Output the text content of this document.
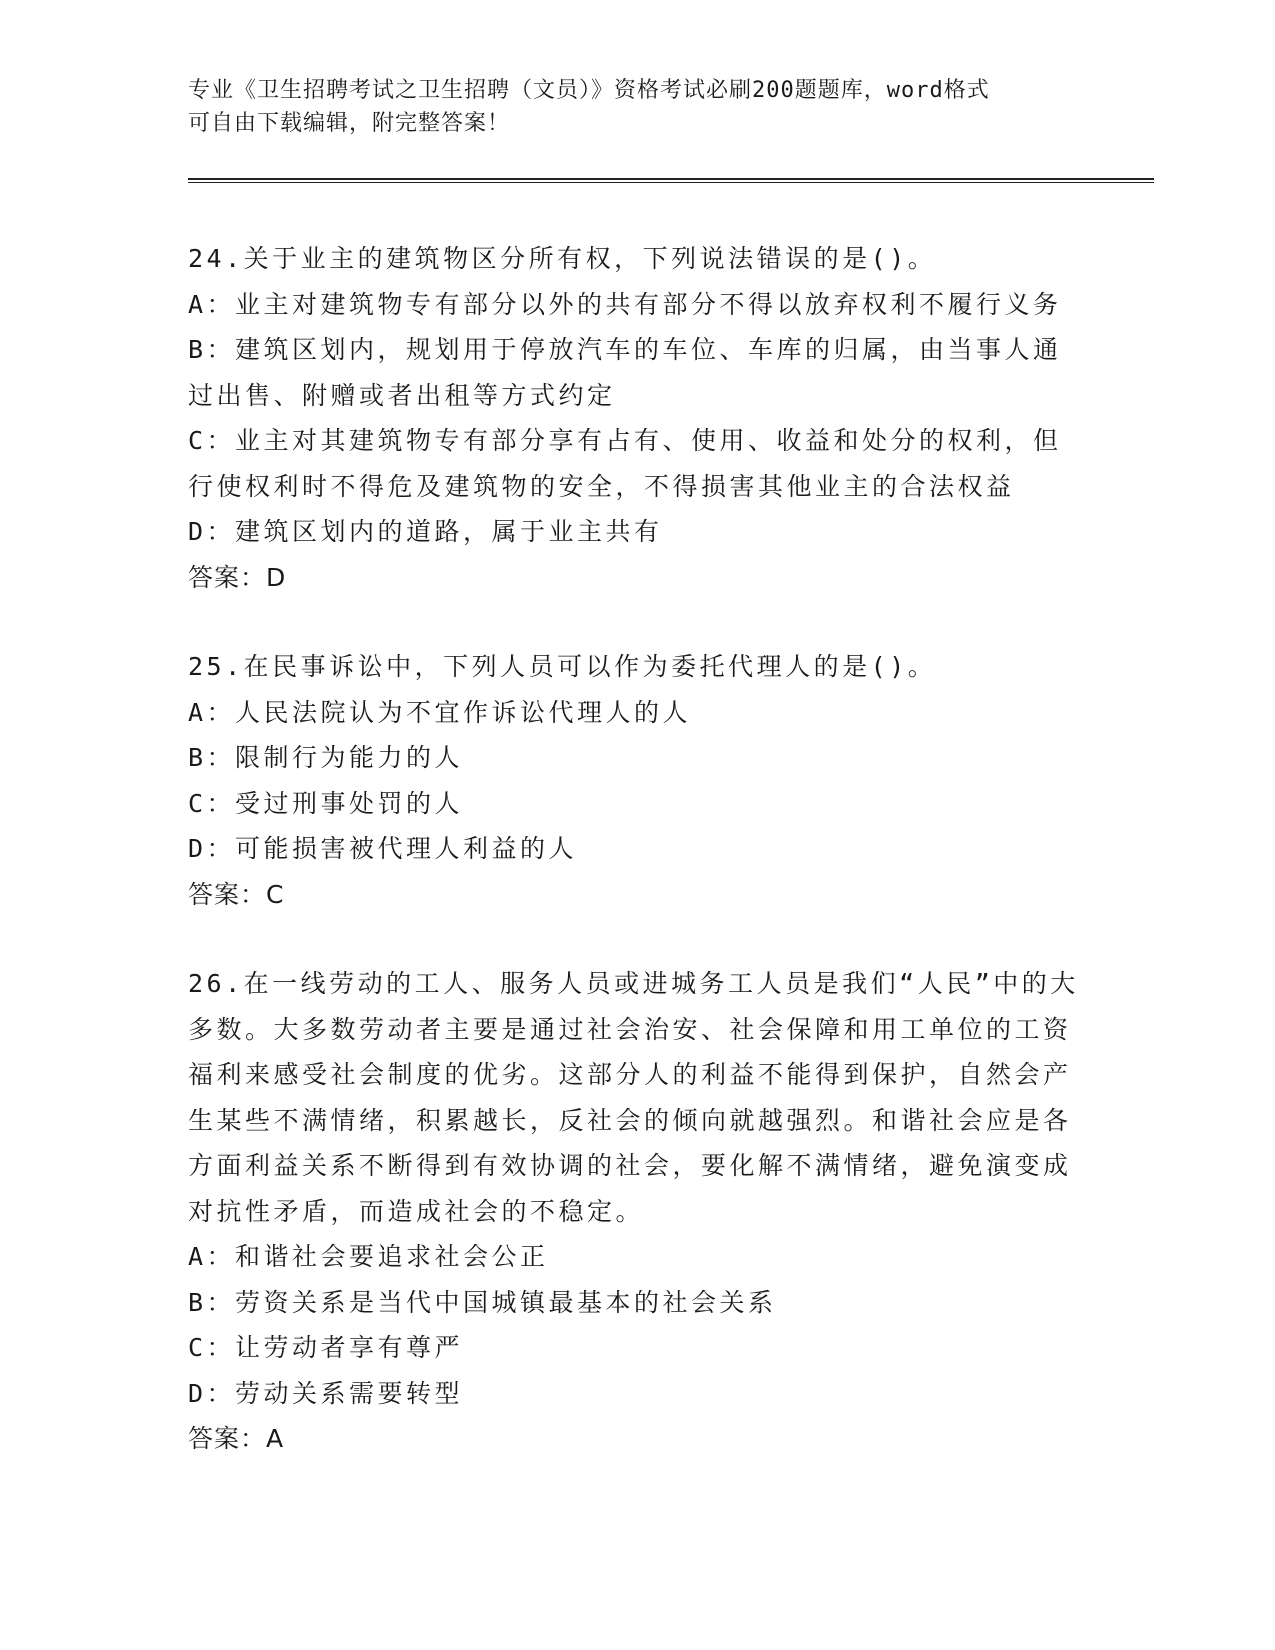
专业《卫生招聘考试之卫生招聘（文员）》资格考试必刷200题题库，word格式
可自由下载编辑，附完整答案！
24.关于业主的建筑物区分所有权，下列说法错误的是()。
A：业主对建筑物专有部分以外的共有部分不得以放弃权利不履行义务
B：建筑区划内，规划用于停放汽车的车位、车库的归属，由当事人通过出售、附赠或者出租等方式约定
C：业主对其建筑物专有部分享有占有、使用、收益和处分的权利，但行使权利时不得危及建筑物的安全，不得损害其他业主的合法权益
D：建筑区划内的道路，属于业主共有
答案：D
25.在民事诉讼中，下列人员可以作为委托代理人的是()。
A：人民法院认为不宜作诉讼代理人的人
B：限制行为能力的人
C：受过刑事处罚的人
D：可能损害被代理人利益的人
答案：C
26.在一线劳动的工人、服务人员或进城务工人员是我们“人民”中的大多数。大多数劳动者主要是通过社会治安、社会保障和用工单位的工资福利来感受社会制度的优劣。这部分人的利益不能得到保护，自然会产生某些不满情绪，积累越长，反社会的倾向就越强烈。和谐社会应是各方面利益关系不断得到有效协调的社会，要化解不满情绪，避免演变成对抗性矛盾，而造成社会的不稳定。
A：和谐社会要追求社会公正
B：劳资关系是当代中国城镇最基本的社会关系
C：让劳动者享有尊严
D：劳动关系需要转型
答案：A
